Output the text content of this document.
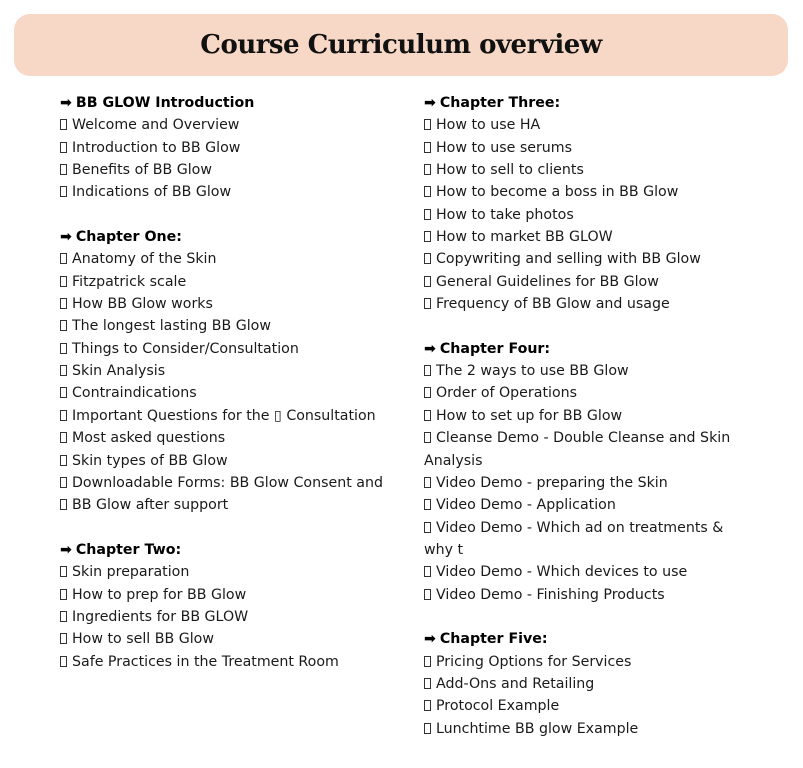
Course Curriculum overview
➡ BB GLOW Introduction
Welcome and Overview
Introduction to BB Glow
Benefits of BB Glow
Indications of BB Glow
➡ Chapter One:
Anatomy of the Skin
Fitzpatrick scale
How BB Glow works
The longest lasting BB Glow
Things to Consider/Consultation
Skin Analysis
Contraindications
Important Questions for the ▯ Consultation
Most asked questions
Skin types of BB Glow
Downloadable Forms: BB Glow Consent and
BB Glow after support
➡ Chapter Two:
Skin preparation
How to prep for BB Glow
Ingredients for BB GLOW
How to sell BB Glow
Safe Practices in the Treatment Room
➡ Chapter Three:
How to use HA
How to use serums
How to sell to clients
How to become a boss in BB Glow
How to take photos
How to market BB GLOW
Copywriting and selling with BB Glow
General Guidelines for BB Glow
Frequency of BB Glow and usage
➡ Chapter Four:
The 2 ways to use BB Glow
Order of Operations
How to set up for BB Glow
Cleanse Demo - Double Cleanse and Skin Analysis
Video Demo - preparing the Skin
Video Demo - Application
Video Demo - Which ad on treatments & why t
Video Demo - Which devices to use
Video Demo - Finishing Products
➡ Chapter Five:
Pricing Options for Services
Add-Ons and Retailing
Protocol Example
Lunchtime BB glow Example
